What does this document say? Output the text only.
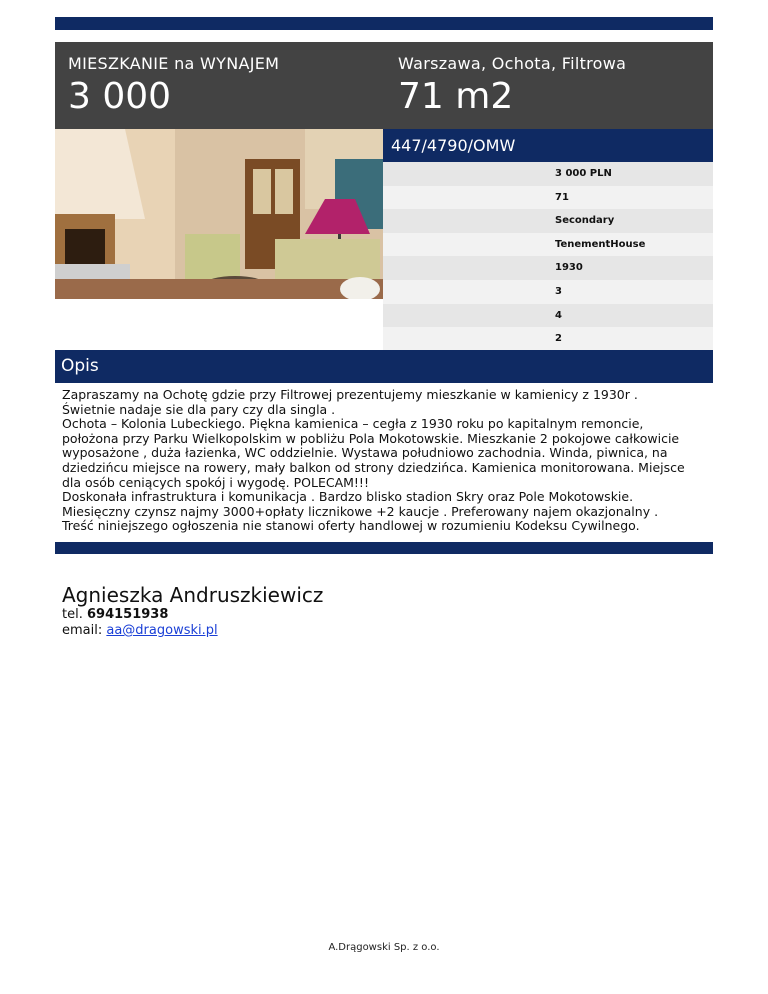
MIESZKANIE na WYNAJEM
3 000
Warszawa, Ochota, Filtrowa
71 m2
447/4790/OMW
3 000 PLN
71
Secondary
TenementHouse
1930
3
4
2
Opis
Zapraszamy na Ochotę gdzie przy Filtrowej prezentujemy mieszkanie w kamienicy z 1930r .
Świetnie nadaje sie dla pary czy dla singla .
Ochota – Kolonia Lubeckiego. Piękna kamienica – cegła z 1930 roku po kapitalnym remoncie,
położona przy Parku Wielkopolskim w pobliżu Pola Mokotowskie. Mieszkanie 2 pokojowe całkowicie
wyposażone , duża łazienka, WC oddzielnie. Wystawa południowo zachodnia. Winda, piwnica, na
dziedzińcu miejsce na rowery, mały balkon od strony dziedzińca. Kamienica monitorowana. Miejsce
dla osób ceniących spokój i wygodę. POLECAM!!!
Doskonała infrastruktura i komunikacja . Bardzo blisko stadion Skry oraz Pole Mokotowskie.
Miesięczny czynsz najmy 3000+opłaty licznikowe +2 kaucje . Preferowany najem okazjonalny .
Treść niniejszego ogłoszenia nie stanowi oferty handlowej w rozumieniu Kodeksu Cywilnego.
Agnieszka Andruszkiewicz
tel. 694151938
email: aa@dragowski.pl
A.Drągowski Sp. z o.o.
